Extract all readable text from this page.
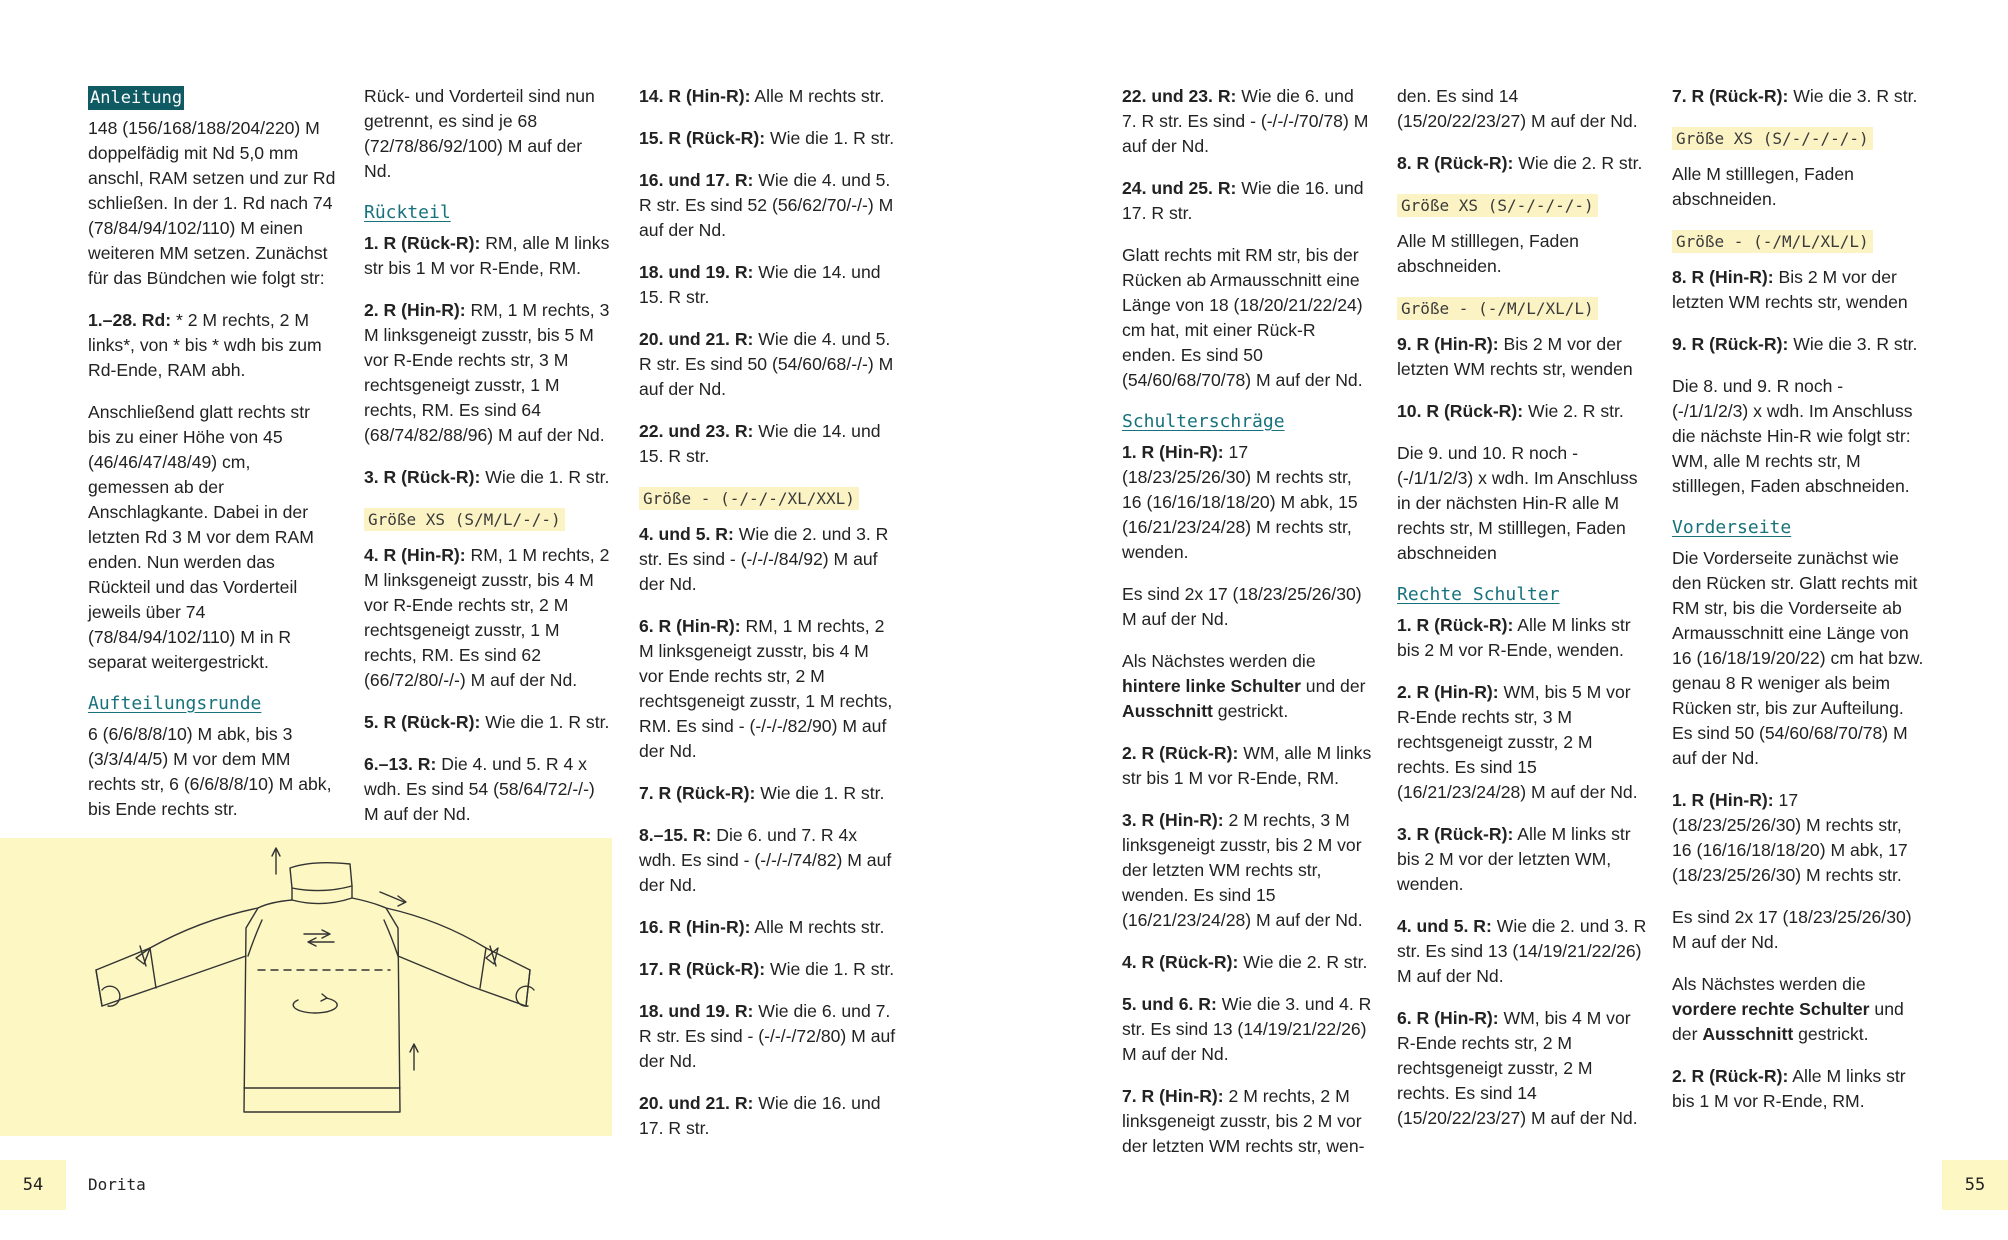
Anleitung

148 (156/168/188/204/220) M doppelfädig mit Nd 5,0 mm anschl, RAM setzen und zur Rd schließen. In der 1. Rd nach 74 (78/84/94/102/110) M einen weiteren MM setzen. Zunächst für das Bündchen wie folgt str:

1.–28. Rd: * 2 M rechts, 2 M links*, von * bis * wdh bis zum Rd-Ende, RAM abh.

Anschließend glatt rechts str bis zu einer Höhe von 45 (46/46/47/48/49) cm, gemessen ab der Anschlagkante. Dabei in der letzten Rd 3 M vor dem RAM enden. Nun werden das Rückteil und das Vorderteil jeweils über 74 (78/84/94/102/110) M in R separat weitergestrickt.

Aufteilungsrunde

6 (6/6/8/8/10) M abk, bis 3 (3/3/4/4/5) M vor dem MM rechts str, 6 (6/6/8/8/10) M abk, bis Ende rechts str.

Rück- und Vorderteil sind nun getrennt, es sind je 68 (72/78/86/92/100) M auf der Nd.

Rückteil

1. R (Rück-R): RM, alle M links str bis 1 M vor R-Ende, RM.

2. R (Hin-R): RM, 1 M rechts, 3 M linksgeneigt zusstr, bis 5 M vor R-Ende rechts str, 3 M rechtsgeneigt zusstr, 1 M rechts, RM. Es sind 64 (68/74/82/88/96) M auf der Nd.

3. R (Rück-R): Wie die 1. R str.

Größe XS (S/M/L/-/-)

4. R (Hin-R): RM, 1 M rechts, 2 M linksgeneigt zusstr, bis 4 M vor R-Ende rechts str, 2 M rechtsgeneigt zusstr, 1 M rechts, RM. Es sind 62 (66/72/80/-/-) M auf der Nd.

5. R (Rück-R): Wie die 1. R str.

6.–13. R: Die 4. und 5. R 4 x wdh. Es sind 54 (58/64/72/-/-) M auf der Nd.

14. R (Hin-R): Alle M rechts str.

15. R (Rück-R): Wie die 1. R str.

16. und 17. R: Wie die 4. und 5. R str. Es sind 52 (56/62/70/-/-) M auf der Nd.

18. und 19. R: Wie die 14. und 15. R str.

20. und 21. R: Wie die 4. und 5. R str. Es sind 50 (54/60/68/-/-) M auf der Nd.

22. und 23. R: Wie die 14. und 15. R str.

Größe - (-/-/-/XL/XXL)

4. und 5. R: Wie die 2. und 3. R str. Es sind - (-/-/-/84/92) M auf der Nd.

6. R (Hin-R): RM, 1 M rechts, 2 M linksgeneigt zusstr, bis 4 M vor Ende rechts str, 2 M rechtsgeneigt zusstr, 1 M rechts, RM. Es sind - (-/-/-/82/90) M auf der Nd.

7. R (Rück-R): Wie die 1. R str.

8.–15. R: Die 6. und 7. R 4x wdh. Es sind - (-/-/-/74/82) M auf der Nd.

16. R (Hin-R): Alle M rechts str.

17. R (Rück-R): Wie die 1. R str.

18. und 19. R: Wie die 6. und 7. R str. Es sind - (-/-/-/72/80) M auf der Nd.

20. und 21. R: Wie die 16. und 17. R str.

54	Dorita

22. und 23. R: Wie die 6. und 7. R str. Es sind - (-/-/-/70/78) M auf der Nd.

24. und 25. R: Wie die 16. und 17. R str.

Glatt rechts mit RM str, bis der Rücken ab Armausschnitt eine Länge von 18 (18/20/21/22/24) cm hat, mit einer Rück-R enden. Es sind 50 (54/60/68/70/78) M auf der Nd.

Schulterschräge

1. R (Hin-R): 17 (18/23/25/26/30) M rechts str, 16 (16/16/18/18/20) M abk, 15 (16/21/23/24/28) M rechts str, wenden.

Es sind 2x 17 (18/23/25/26/30) M auf der Nd.

Als Nächstes werden die hintere linke Schulter und der Ausschnitt gestrickt.

2. R (Rück-R): WM, alle M links str bis 1 M vor R-Ende, RM.

3. R (Hin-R): 2 M rechts, 3 M linksgeneigt zusstr, bis 2 M vor der letzten WM rechts str, wenden. Es sind 15 (16/21/23/24/28) M auf der Nd.

4. R (Rück-R): Wie die 2. R str.

5. und 6. R: Wie die 3. und 4. R str. Es sind 13 (14/19/21/22/26) M auf der Nd.

7. R (Hin-R): 2 M rechts, 2 M linksgeneigt zusstr, bis 2 M vor der letzten WM rechts str, wen-

den. Es sind 14 (15/20/22/23/27) M auf der Nd.

8. R (Rück-R): Wie die 2. R str.

Größe XS (S/-/-/-/-)

Alle M stilllegen, Faden abschneiden.

Größe - (-/M/L/XL/L)

9. R (Hin-R): Bis 2 M vor der letzten WM rechts str, wenden

10. R (Rück-R): Wie 2. R str.

Die 9. und 10. R noch - (-/1/1/2/3) x wdh. Im Anschluss in der nächsten Hin-R alle M rechts str, M stilllegen, Faden abschneiden

Rechte Schulter

1. R (Rück-R): Alle M links str bis 2 M vor R-Ende, wenden.

2. R (Hin-R): WM, bis 5 M vor R-Ende rechts str, 3 M rechtsgeneigt zusstr, 2 M rechts. Es sind 15 (16/21/23/24/28) M auf der Nd.

3. R (Rück-R): Alle M links str bis 2 M vor der letzten WM, wenden.

4. und 5. R: Wie die 2. und 3. R str. Es sind 13 (14/19/21/22/26) M auf der Nd.

6. R (Hin-R): WM, bis 4 M vor R-Ende rechts str, 2 M rechtsgeneigt zusstr, 2 M rechts. Es sind 14 (15/20/22/23/27) M auf der Nd.

7. R (Rück-R): Wie die 3. R str.

Größe XS (S/-/-/-/-)

Alle M stilllegen, Faden abschneiden.

Größe - (-/M/L/XL/L)

8. R (Hin-R): Bis 2 M vor der letzten WM rechts str, wenden

9. R (Rück-R): Wie die 3. R str.

Die 8. und 9. R noch - (-/1/1/2/3) x wdh. Im Anschluss die nächste Hin-R wie folgt str: WM, alle M rechts str, M stilllegen, Faden abschneiden.

Vorderseite

Die Vorderseite zunächst wie den Rücken str. Glatt rechts mit RM str, bis die Vorderseite ab Armausschnitt eine Länge von 16 (16/18/19/20/22) cm hat bzw. genau 8 R weniger als beim Rücken str, bis zur Aufteilung. Es sind 50 (54/60/68/70/78) M auf der Nd.

1. R (Hin-R): 17 (18/23/25/26/30) M rechts str, 16 (16/16/18/18/20) M abk, 17 (18/23/25/26/30) M rechts str.

Es sind 2x 17 (18/23/25/26/30) M auf der Nd.

Als Nächstes werden die vordere rechte Schulter und der Ausschnitt gestrickt.

2. R (Rück-R): Alle M links str bis 1 M vor R-Ende, RM.

55
